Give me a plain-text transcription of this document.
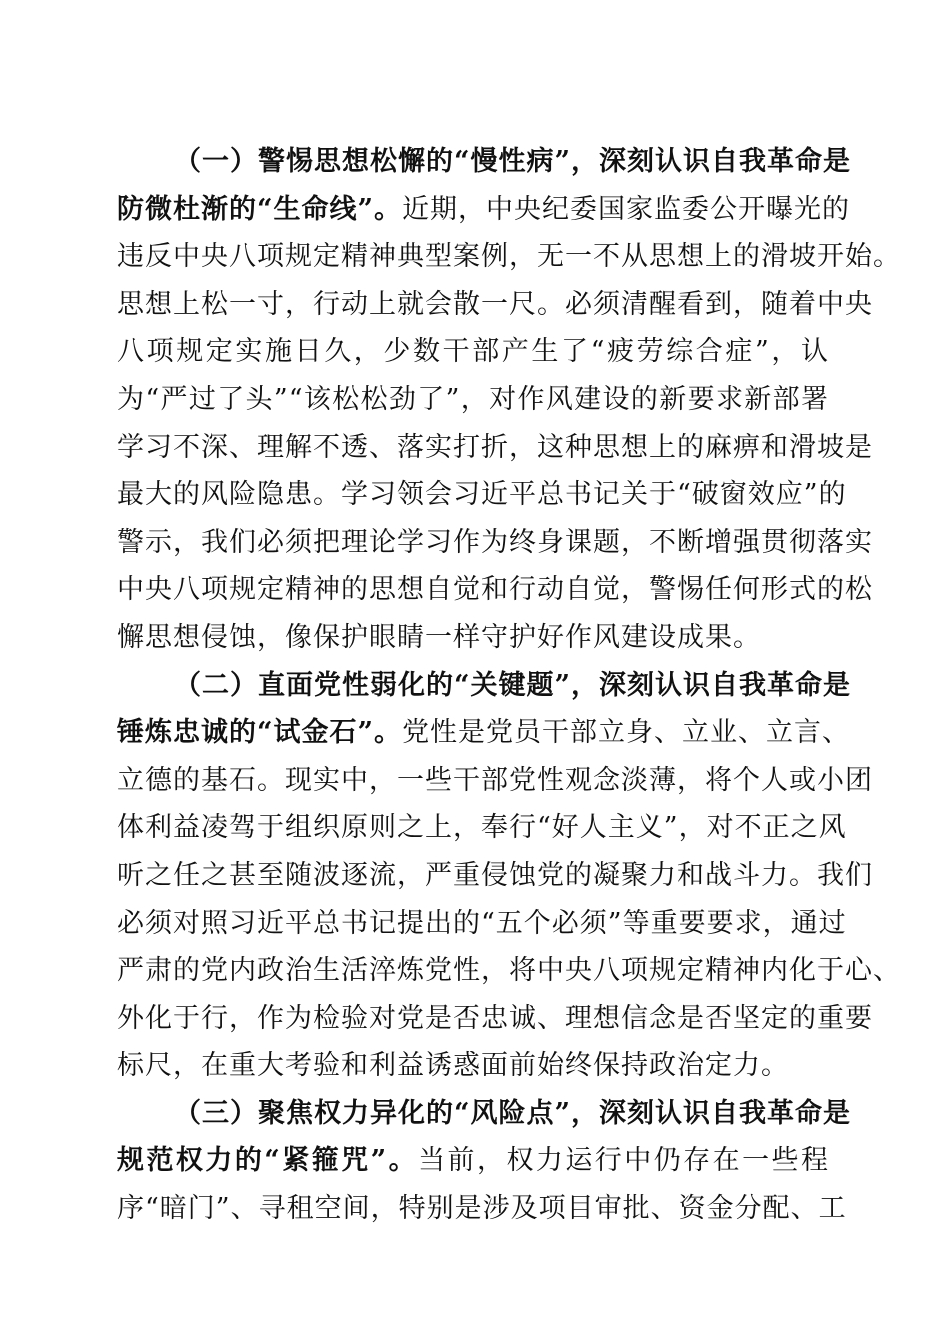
（一）警惕思想松懈的“慢性病”，深刻认识自我革命是
防微杜渐的“生命线”。近期，中央纪委国家监委公开曝光的
违反中央八项规定精神典型案例，无一不从思想上的滑坡开始。
思想上松一寸，行动上就会散一尺。必须清醒看到，随着中央
八项规定实施日久，少数干部产生了“疲劳综合症”，认
为“严过了头”“该松松劲了”，对作风建设的新要求新部署
学习不深、理解不透、落实打折，这种思想上的麻痹和滑坡是
最大的风险隐患。学习领会习近平总书记关于“破窗效应”的
警示，我们必须把理论学习作为终身课题，不断增强贯彻落实
中央八项规定精神的思想自觉和行动自觉，警惕任何形式的松
懈思想侵蚀，像保护眼睛一样守护好作风建设成果。
（二）直面党性弱化的“关键题”，深刻认识自我革命是
锤炼忠诚的“试金石”。党性是党员干部立身、立业、立言、
立德的基石。现实中，一些干部党性观念淡薄，将个人或小团
体利益凌驾于组织原则之上，奉行“好人主义”，对不正之风
听之任之甚至随波逐流，严重侵蚀党的凝聚力和战斗力。我们
必须对照习近平总书记提出的“五个必须”等重要要求，通过
严肃的党内政治生活淬炼党性，将中央八项规定精神内化于心、
外化于行，作为检验对党是否忠诚、理想信念是否坚定的重要
标尺，在重大考验和利益诱惑面前始终保持政治定力。
（三）聚焦权力异化的“风险点”，深刻认识自我革命是
规范权力的“紧箍咒”。当前，权力运行中仍存在一些程
序“暗门”、寻租空间，特别是涉及项目审批、资金分配、工
